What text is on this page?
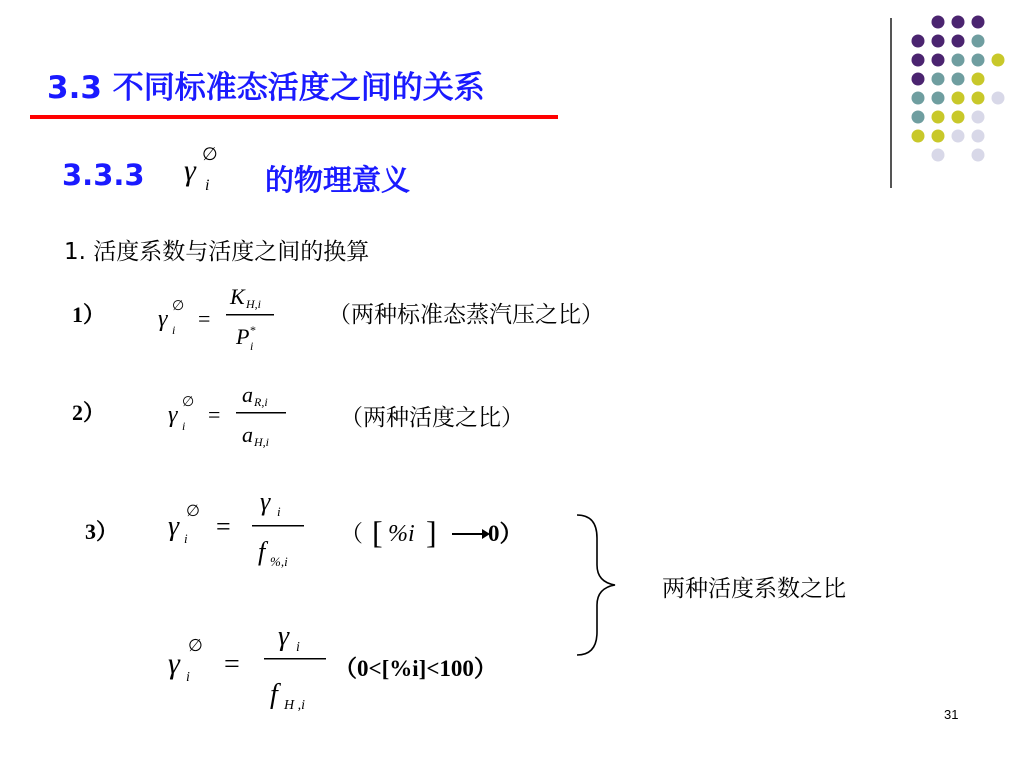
3.3 不同标准态活度之间的关系
3.3.3 γ i
∅
的物理意义
1. 活度系数与活度之间的换算
1） γ i
∅ =
K H,i
P *
i
（两种标准态蒸汽压之比）
2）	γ i
∅ =
a R,i
a H,i
（两种活度之比）
3） γ i
∅
=
γ i
f %,i
（ [ %i ] 0）
γ i
∅
=
γ i
f H ,i
（0<[%i]<100）
两种活度系数之比
31
